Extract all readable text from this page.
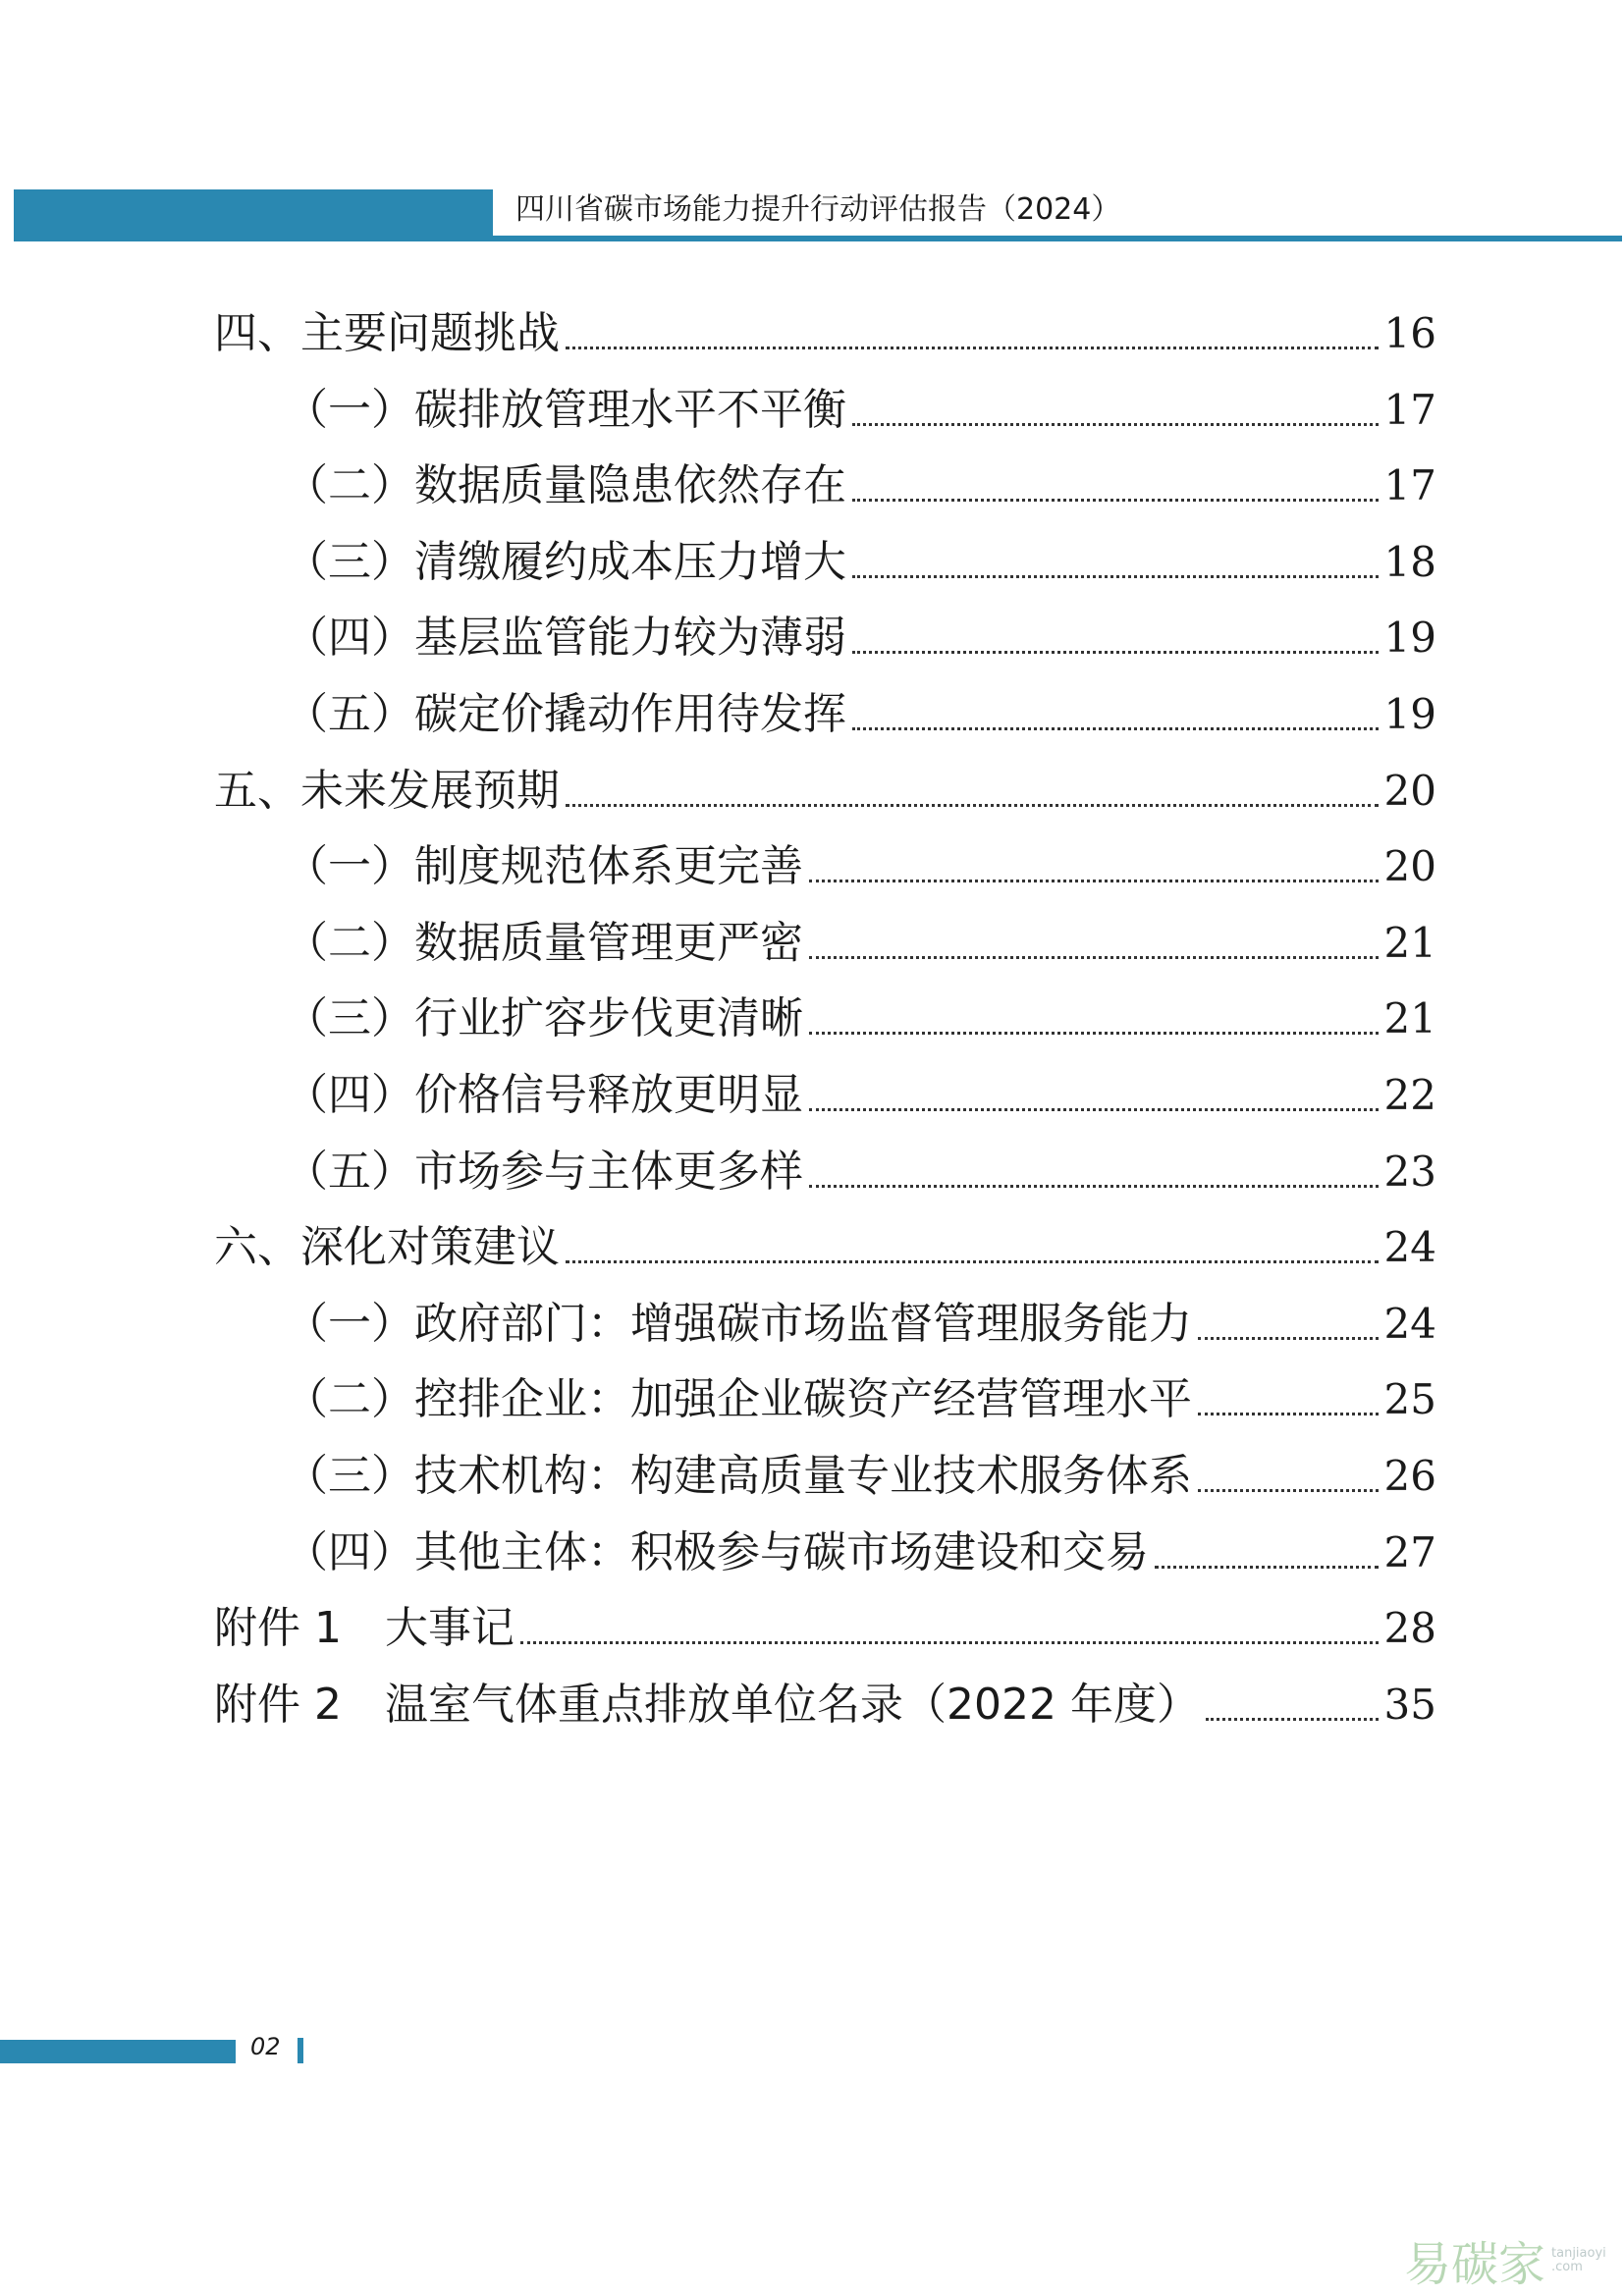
四川省碳市场能力提升行动评估报告（2024）
四、主要问题挑战	16
（一）碳排放管理水平不平衡	17
（二）数据质量隐患依然存在	17
（三）清缴履约成本压力增大	18
（四）基层监管能力较为薄弱	19
（五）碳定价撬动作用待发挥	19
五、未来发展预期	20
（一）制度规范体系更完善	20
（二）数据质量管理更严密	21
（三）行业扩容步伐更清晰	21
（四）价格信号释放更明显	22
（五）市场参与主体更多样	23
六、深化对策建议	24
（一）政府部门：增强碳市场监督管理服务能力	24
（二）控排企业：加强企业碳资产经营管理水平	25
（三）技术机构：构建高质量专业技术服务体系	26
（四）其他主体：积极参与碳市场建设和交易	27
附件 1　大事记	28
附件 2　温室气体重点排放单位名录（2022 年度）	35
02
易碳家 tanjiaoyi
.com
